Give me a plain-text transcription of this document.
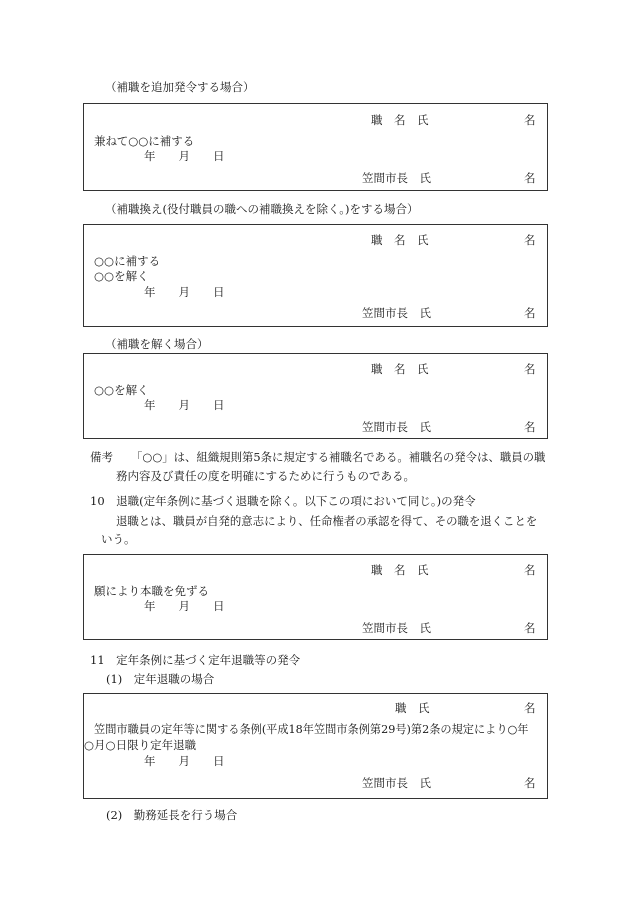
（補職を追加発令する場合）
職　名　氏	名
兼ねて○○に補する
年　　月　　日
笠間市長　氏	名
（補職換え(役付職員の職への補職換えを除く。)をする場合）
職　名　氏	名
○○に補する
○○を解く
年　　月　　日
笠間市長　氏	名
（補職を解く場合）
職　名　氏	名
○○を解く
年　　月　　日
笠間市長　氏	名
備考 「○○」は、組織規則第5条に規定する補職名である。補職名の発令は、職員の職
務内容及び責任の度を明確にするために行うものである。
10　退職(定年条例に基づく退職を除く。以下この項において同じ。)の発令
退職とは、職員が自発的意志により、任命権者の承認を得て、その職を退くことを
いう。
職　名　氏	名
願により本職を免ずる
年　　月　　日
笠間市長　氏	名
11　定年条例に基づく定年退職等の発令
(1)　定年退職の場合
職　氏	名
笠間市職員の定年等に関する条例(平成18年笠間市条例第29号)第2条の規定により○年
○月○日限り定年退職
年　　月　　日
笠間市長　氏	名
(2)　勤務延長を行う場合
